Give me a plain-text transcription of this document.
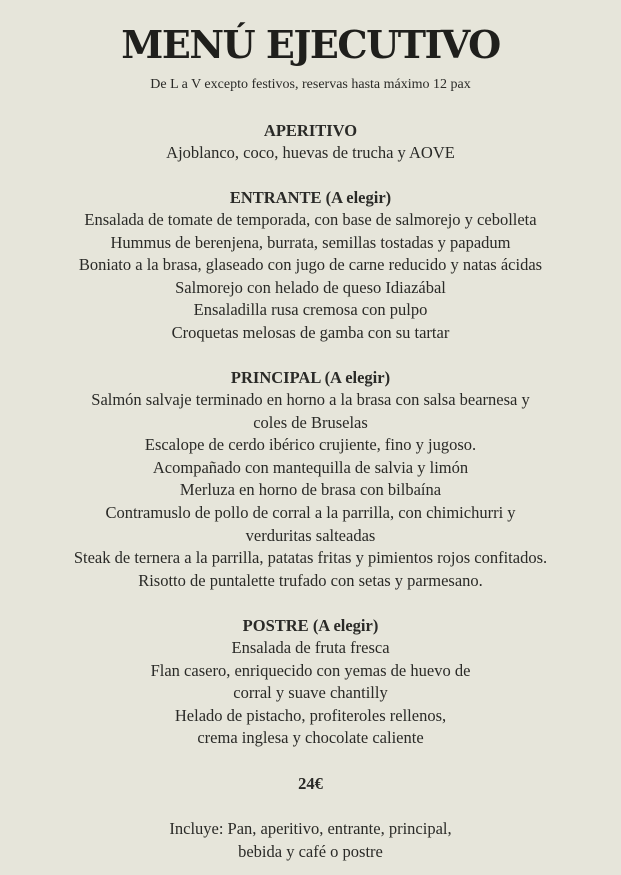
MENÚ EJECUTIVO
De L a V excepto festivos, reservas hasta máximo 12 pax
APERITIVO
Ajoblanco, coco, huevas de trucha y AOVE
ENTRANTE (A elegir)
Ensalada de tomate de temporada, con base de salmorejo y cebolleta
Hummus de berenjena, burrata, semillas tostadas y papadum
Boniato a la brasa, glaseado con jugo de carne reducido y natas ácidas
Salmorejo con helado de queso Idiazábal
Ensaladilla rusa cremosa con pulpo
Croquetas melosas de gamba con su tartar
PRINCIPAL (A elegir)
Salmón salvaje terminado en horno a la brasa con salsa bearnesa y
coles de Bruselas
Escalope de cerdo ibérico crujiente, fino y jugoso.
Acompañado con mantequilla de salvia y limón
Merluza en horno de brasa con bilbaína
Contramuslo de pollo de corral a la parrilla, con chimichurri y
verduritas salteadas
Steak de ternera a la parrilla, patatas fritas y pimientos rojos confitados.
Risotto de puntalette trufado con setas y parmesano.
POSTRE (A elegir)
Ensalada de fruta fresca
Flan casero, enriquecido con yemas de huevo de
corral y suave chantilly
Helado de pistacho, profiteroles rellenos,
crema inglesa y chocolate caliente
24€
Incluye: Pan, aperitivo, entrante, principal,
bebida y café o postre
